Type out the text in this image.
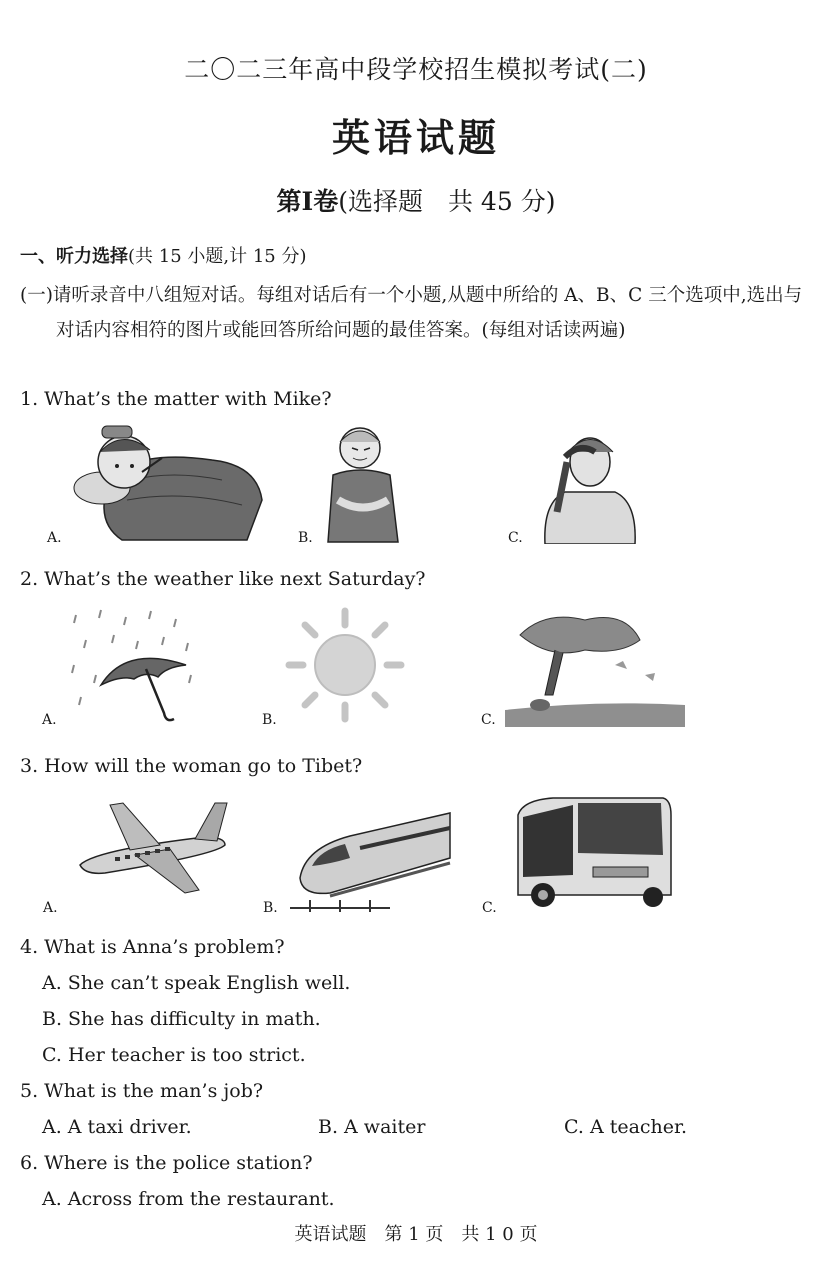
二〇二三年高中段学校招生模拟考试(二)
英语试题
第Ⅰ卷(选择题　共 45 分)
一、听力选择(共 15 小题,计 15 分)
(一)请听录音中八组短对话。每组对话后有一个小题,从题中所给的 A、B、C 三个选项中,选出与对话内容相符的图片或能回答所给问题的最佳答案。(每组对话读两遍)
1. What’s the matter with Mike?
A.	B.	C.
2. What’s the weather like next Saturday?
A.	B.	C.
3. How will the woman go to Tibet?
A.	B.	C.
4. What is Anna’s problem?
A. She can’t speak English well.
B. She has difficulty in math.
C. Her teacher is too strict.
5. What is the man’s job?
A. A taxi driver.	B. A waiter	C. A teacher.
6. Where is the police station?
A. Across from the restaurant.
英语试题　第 1 页　共 1 0 页
